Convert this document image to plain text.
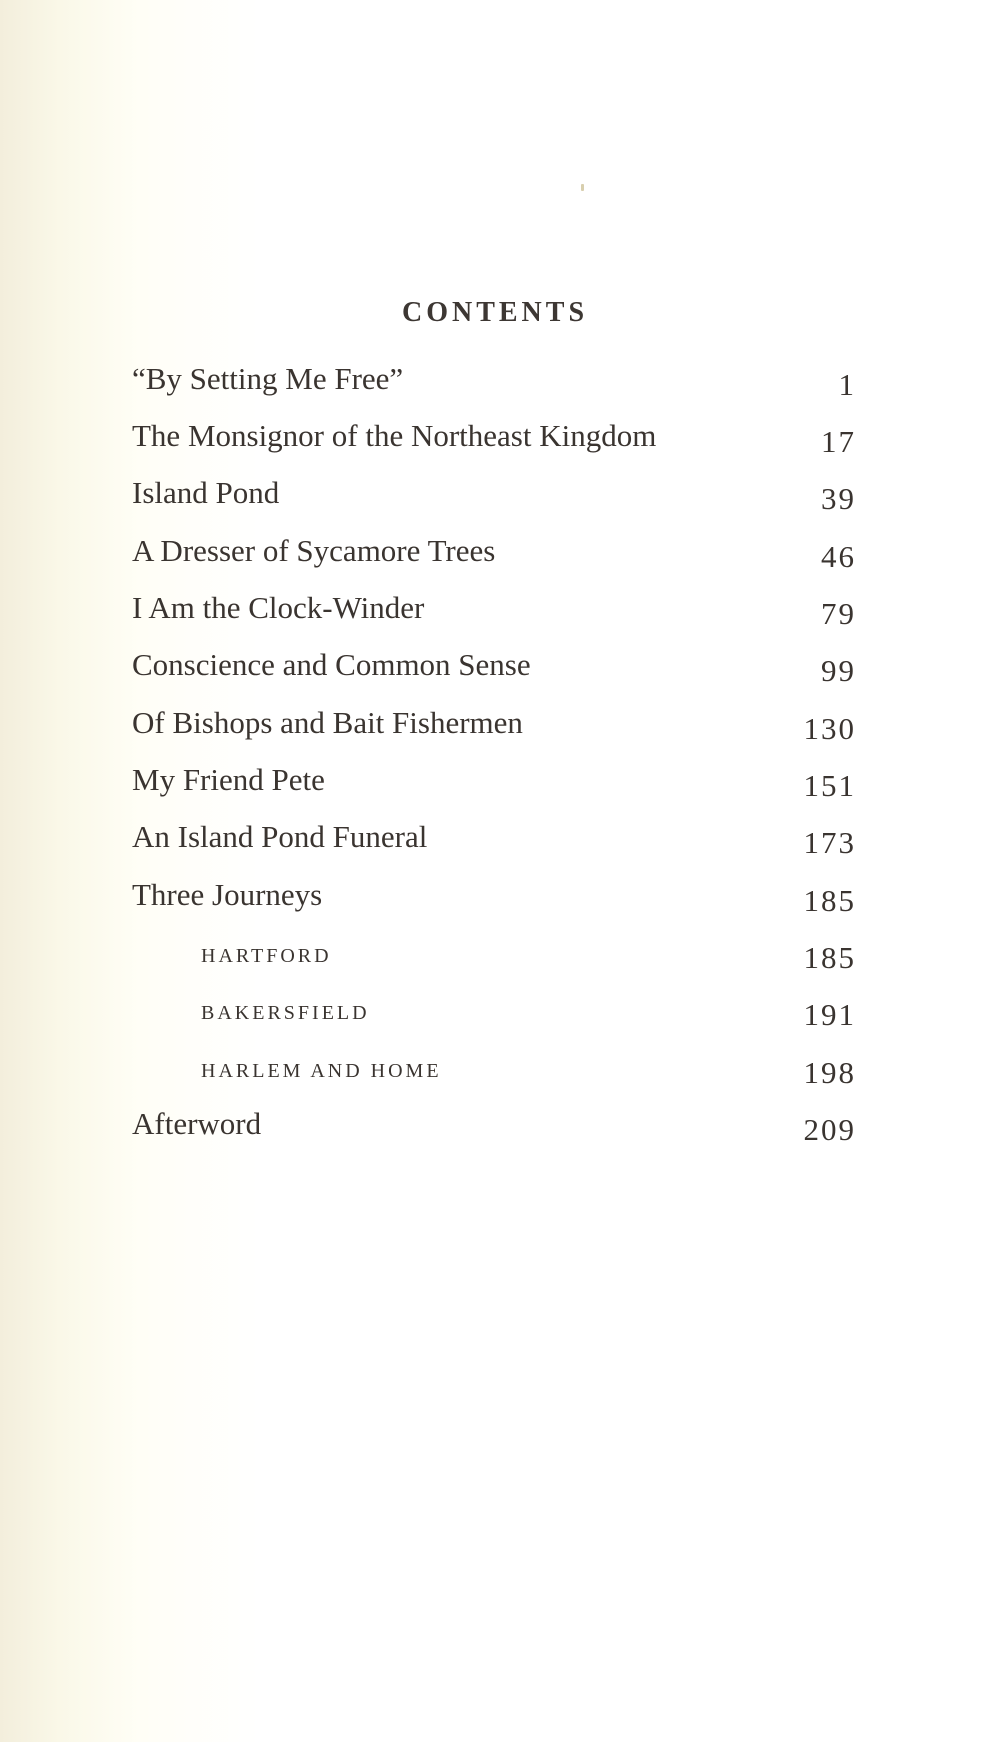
CONTENTS
“By Setting Me Free”	1
The Monsignor of the Northeast Kingdom	17
Island Pond	39
A Dresser of Sycamore Trees	46
I Am the Clock-Winder	79
Conscience and Common Sense	99
Of Bishops and Bait Fishermen	130
My Friend Pete	151
An Island Pond Funeral	173
Three Journeys	185
HARTFORD	185
BAKERSFIELD	191
HARLEM AND HOME	198
Afterword	209
